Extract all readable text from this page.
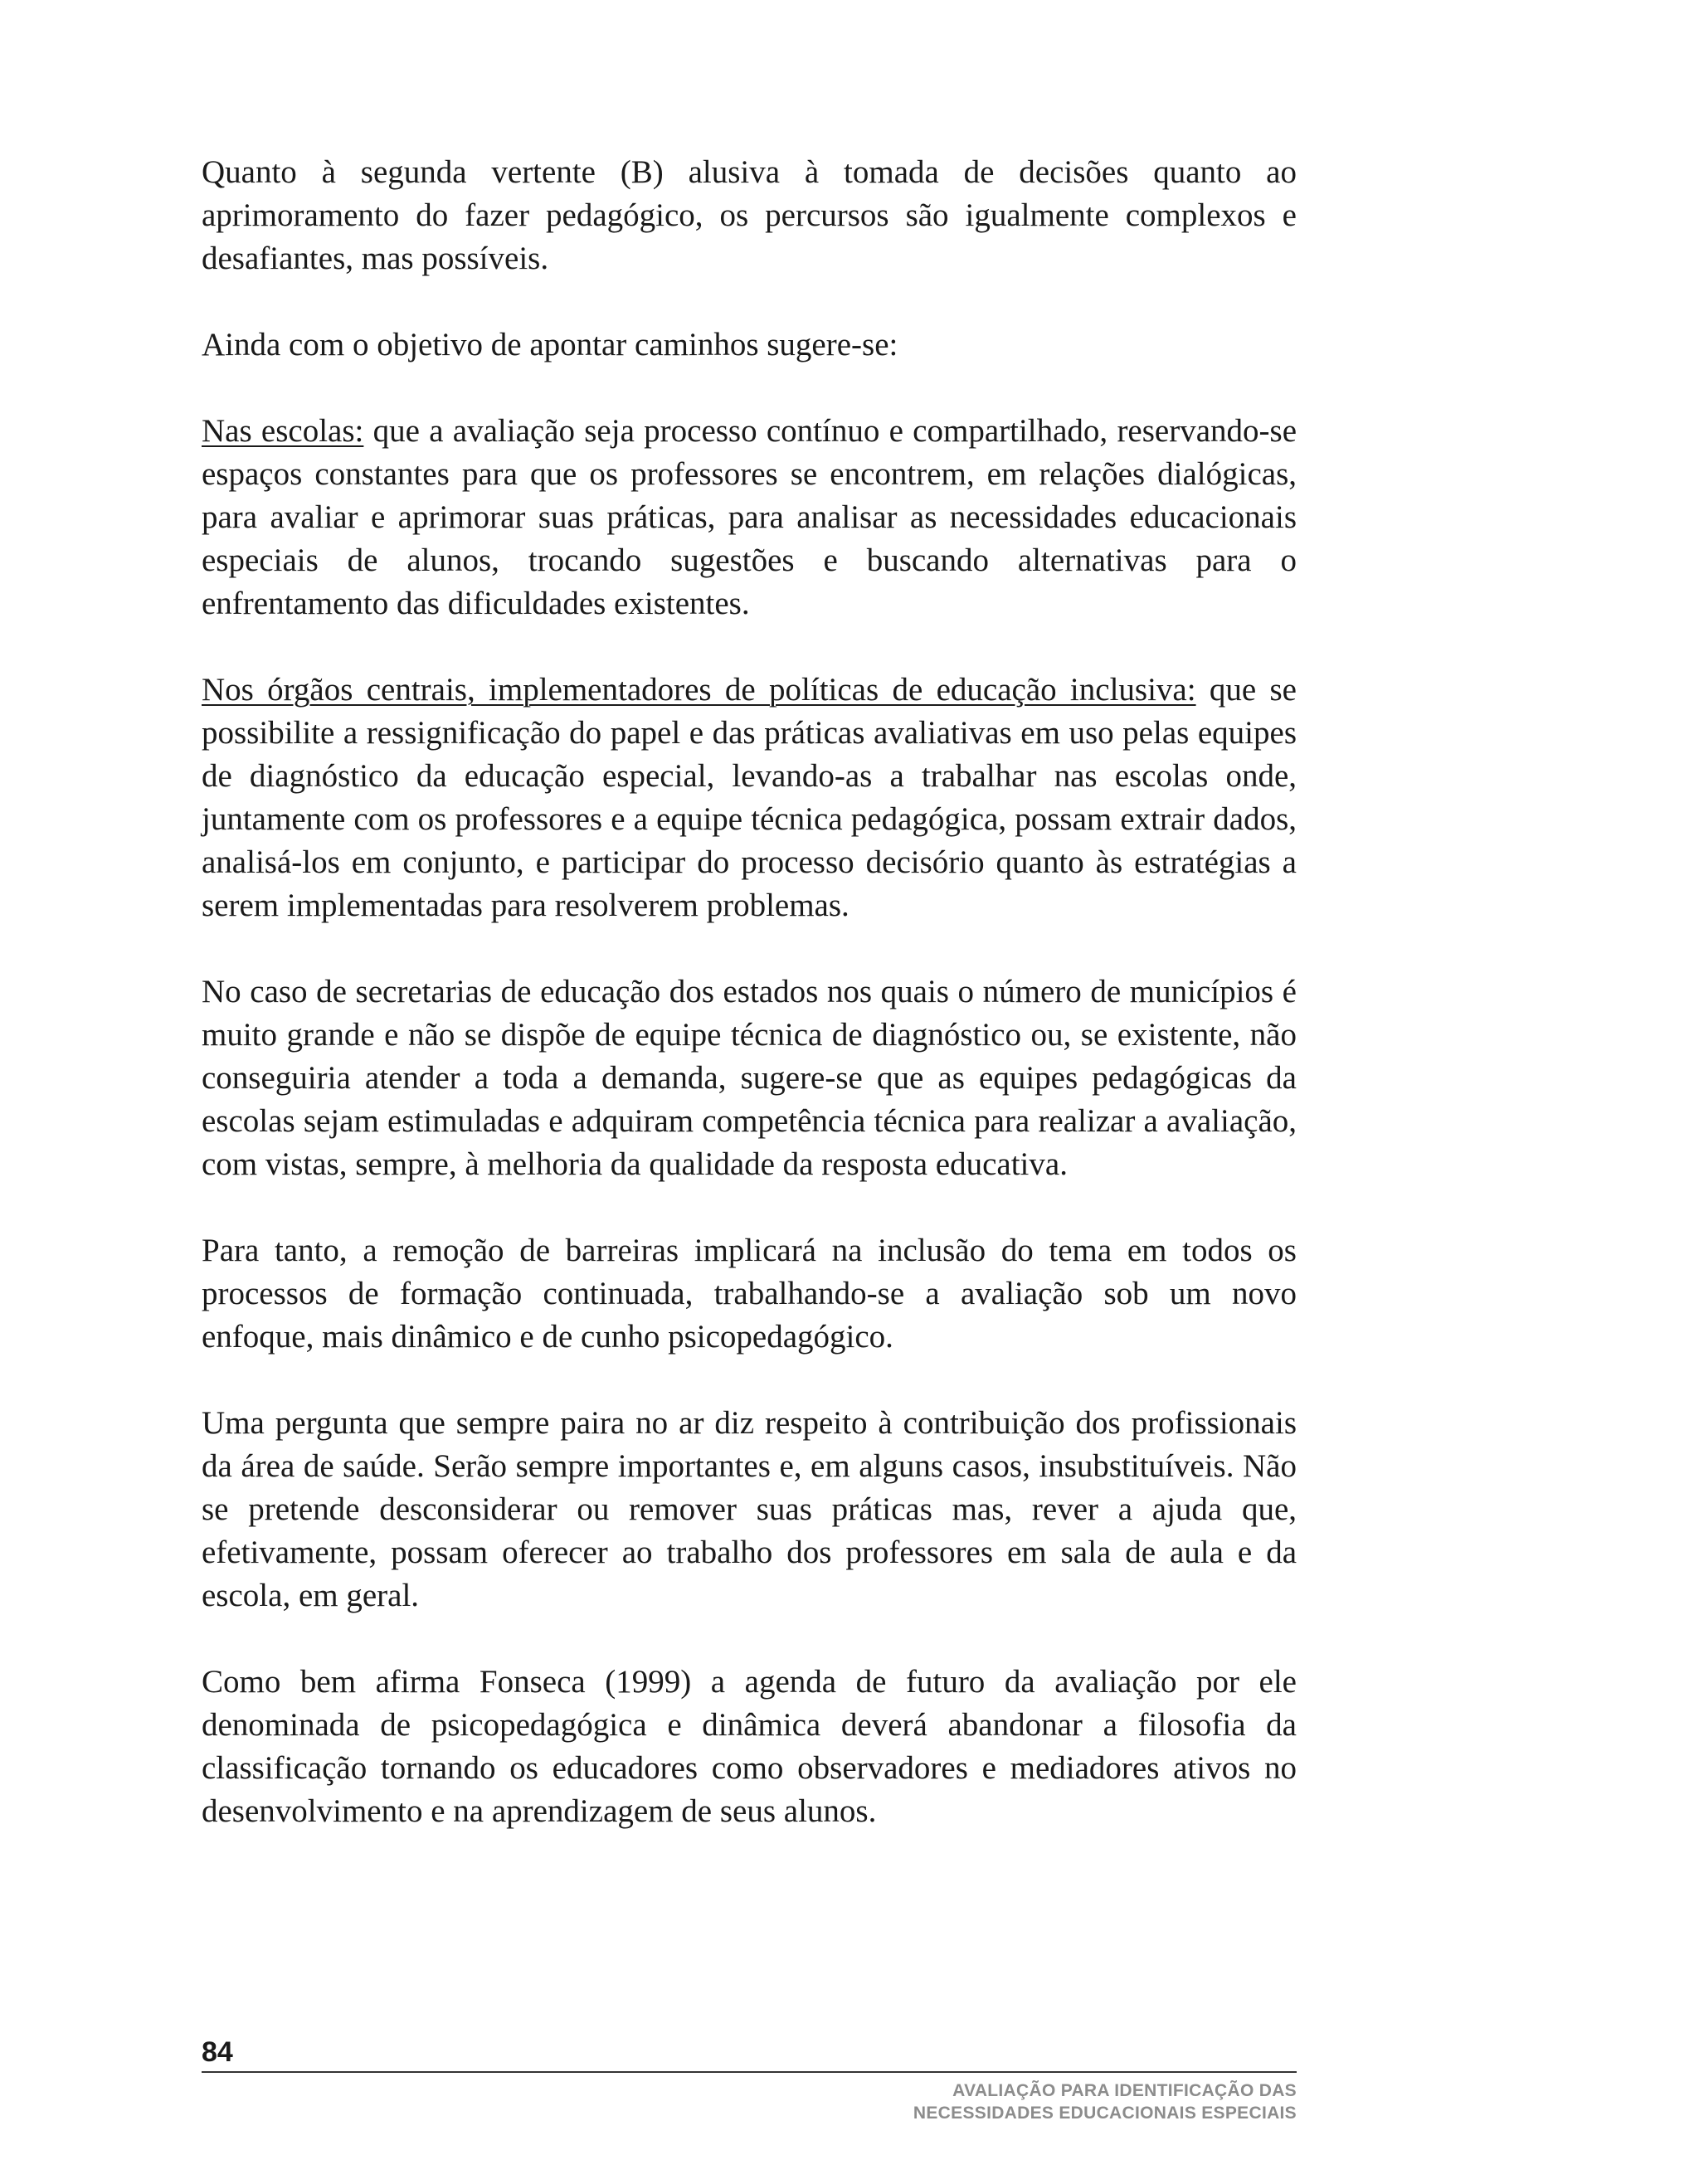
Quanto à segunda vertente (B) alusiva à tomada de decisões quanto ao aprimoramento do fazer pedagógico, os percursos são igualmente complexos e desafiantes, mas possíveis.

Ainda com o objetivo de apontar caminhos sugere-se:

Nas escolas: que a avaliação seja processo contínuo e compartilhado, reservando-se espaços constantes para que os professores se encontrem, em relações dialógicas, para avaliar e aprimorar suas práticas, para analisar as necessidades educacionais especiais de alunos, trocando sugestões e buscando alternativas para o enfrentamento das dificuldades existentes.

Nos órgãos centrais, implementadores de políticas de educação inclusiva: que se possibilite a ressignificação do papel e das práticas avaliativas em uso pelas equipes de diagnóstico da educação especial, levando-as a trabalhar nas escolas onde, juntamente com os professores e a equipe técnica pedagógica, possam extrair dados, analisá-los em conjunto, e participar do processo decisório quanto às estratégias a serem implementadas para resolverem problemas.

No caso de secretarias de educação dos estados nos quais o número de municípios é muito grande e não se dispõe de equipe técnica de diagnóstico ou, se existente, não conseguiria atender a toda a demanda, sugere-se que as equipes pedagógicas da escolas sejam estimuladas e adquiram competência técnica para realizar a avaliação, com vistas, sempre, à melhoria da qualidade da resposta educativa.

Para tanto, a remoção de barreiras implicará na inclusão do tema em todos os processos de formação continuada, trabalhando-se a avaliação sob um novo enfoque, mais dinâmico e de cunho psicopedagógico.

Uma pergunta que sempre paira no ar diz respeito à contribuição dos profissionais da área de saúde. Serão sempre importantes e, em alguns casos, insubstituíveis. Não se pretende desconsiderar ou remover suas práticas mas, rever a ajuda que, efetivamente, possam oferecer ao trabalho dos professores em sala de aula e da escola, em geral.

Como bem afirma Fonseca (1999) a agenda de futuro da avaliação por ele denominada de psicopedagógica e dinâmica deverá abandonar a filosofia da classificação tornando os educadores como observadores e mediadores ativos no desenvolvimento e na aprendizagem de seus alunos.

84
AVALIAÇÃO PARA IDENTIFICAÇÃO DAS
NECESSIDADES EDUCACIONAIS ESPECIAIS
